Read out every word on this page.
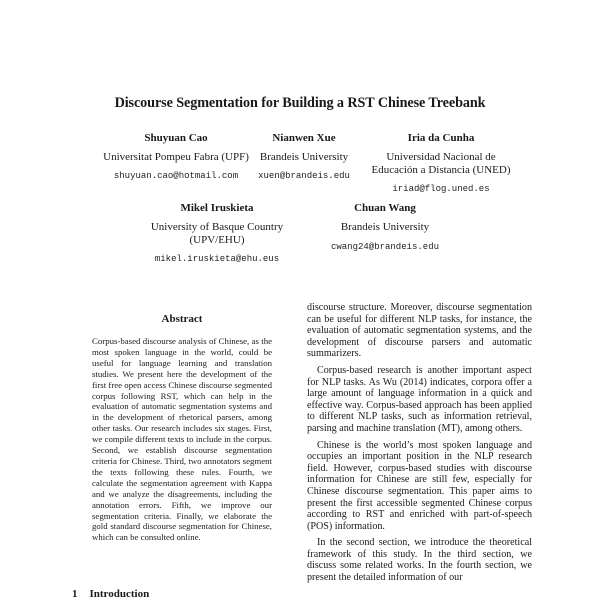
Discourse Segmentation for Building a RST Chinese Treebank
Shuyuan Cao
Universitat Pompeu Fabra (UPF)
shuyuan.cao@hotmail.com
Nianwen Xue
Brandeis University
xuen@brandeis.edu
Iria da Cunha
Universidad Nacional de
Educación a Distancia (UNED)
iriad@flog.uned.es
Mikel Iruskieta
University of Basque Country
(UPV/EHU)
mikel.iruskieta@ehu.eus
Chuan Wang
Brandeis University
cwang24@brandeis.edu
Abstract
Corpus-based discourse analysis of Chinese, as the most spoken language in the world, could be useful for language learning and translation studies. We present here the development of the first free open access Chinese discourse segmented corpus following RST, which can help in the evaluation of automatic segmentation systems and in the development of rhetorical parsers, among other tasks. Our research includes six stages. First, we compile different texts to include in the corpus. Second, we establish discourse segmentation criteria for Chinese. Third, two annotators segment the texts following these rules. Fourth, we calculate the segmentation agreement with Kappa and we analyze the disagreements, including the annotation errors. Fifth, we improve our segmentation criteria. Finally, we elaborate the gold standard discourse segmentation for Chinese, which can be consulted online.
1 Introduction

discourse structure. Moreover, discourse segmentation can be useful for different NLP tasks, for instance, the evaluation of automatic segmentation systems, and the development of discourse parsers and automatic summarizers.

Corpus-based research is another important aspect for NLP tasks. As Wu (2014) indicates, corpora offer a large amount of language information in a quick and effective way. Corpus-based approach has been applied to different NLP tasks, such as information retrieval, parsing and machine translation (MT), among others.

Chinese is the world’s most spoken language and occupies an important position in the NLP research field. However, corpus-based studies with discourse information for Chinese are still few, especially for Chinese discourse segmentation. This paper aims to present the first accessible segmented Chinese corpus according to RST and enriched with part-of-speech (POS) information.

In the second section, we introduce the theoretical framework of this study. In the third section, we discuss some related works. In the fourth section, we present the detailed information of our
